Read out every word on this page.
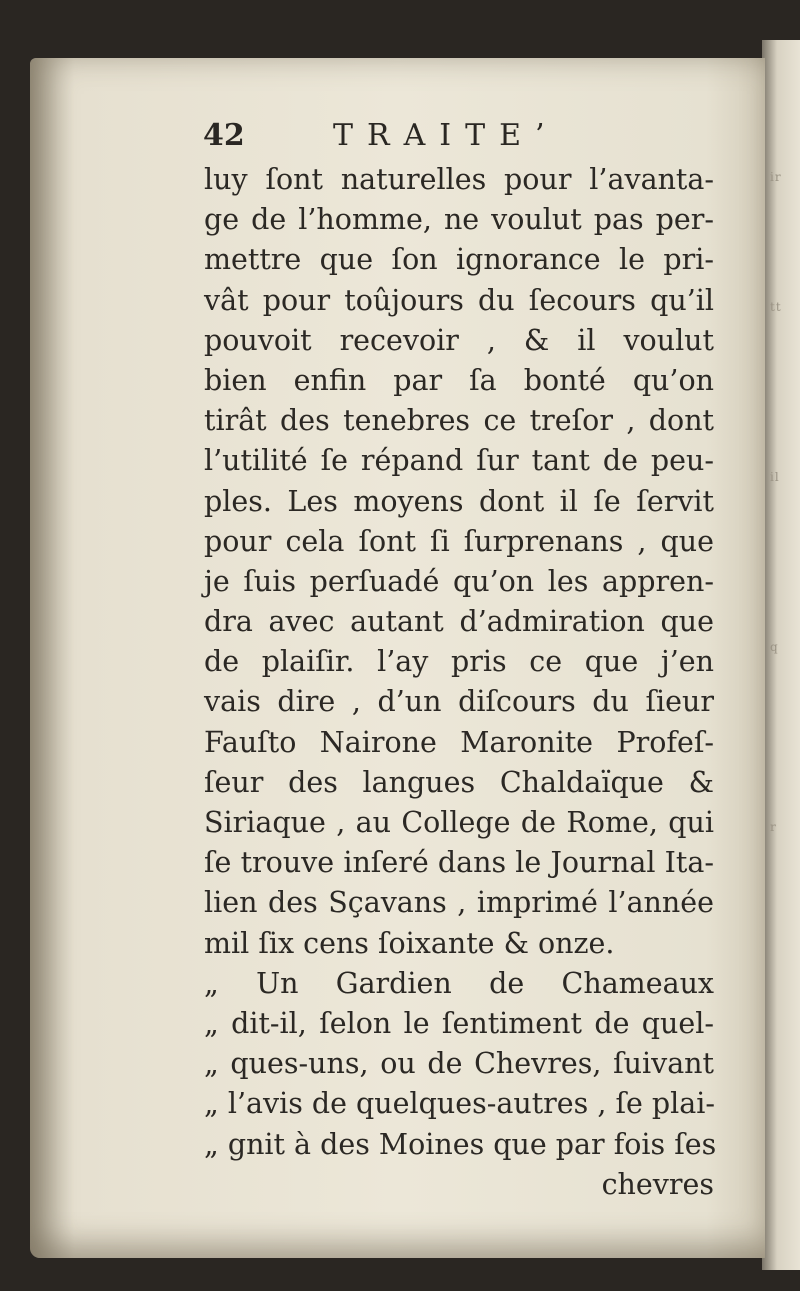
ir
tt
il
q
r
42	TRAITE’
luy ſont naturelles pour l’avanta-
ge de l’homme, ne voulut pas per-
mettre que ſon ignorance le pri-
vât pour toûjours du ſecours qu’il
pouvoit recevoir , & il voulut
bien enfin par ſa bonté qu’on
tirât des tenebres ce treſor , dont
l’utilité ſe répand ſur tant de peu-
ples. Les moyens dont il ſe ſervit
pour cela ſont ſi ſurprenans , que
je ſuis perſuadé qu’on les appren-
dra avec autant d’admiration que
de plaiſir. l’ay pris ce que j’en
vais dire , d’un diſcours du ſieur
Fauſto Nairone Maronite Profeſ-
ſeur des langues Chaldaïque &
Siriaque , au College de Rome, qui
ſe trouve inſeré dans le Journal Ita-
lien des Sçavans , imprimé l’année
mil ſix cens ſoixante & onze.
„ Un Gardien de Chameaux
„ dit-il, ſelon le ſentiment de quel-
„ ques-uns, ou de Chevres, ſuivant
„ l’avis de quelques-autres , ſe plai-
„ gnit à des Moines que par fois ſes
chevres
